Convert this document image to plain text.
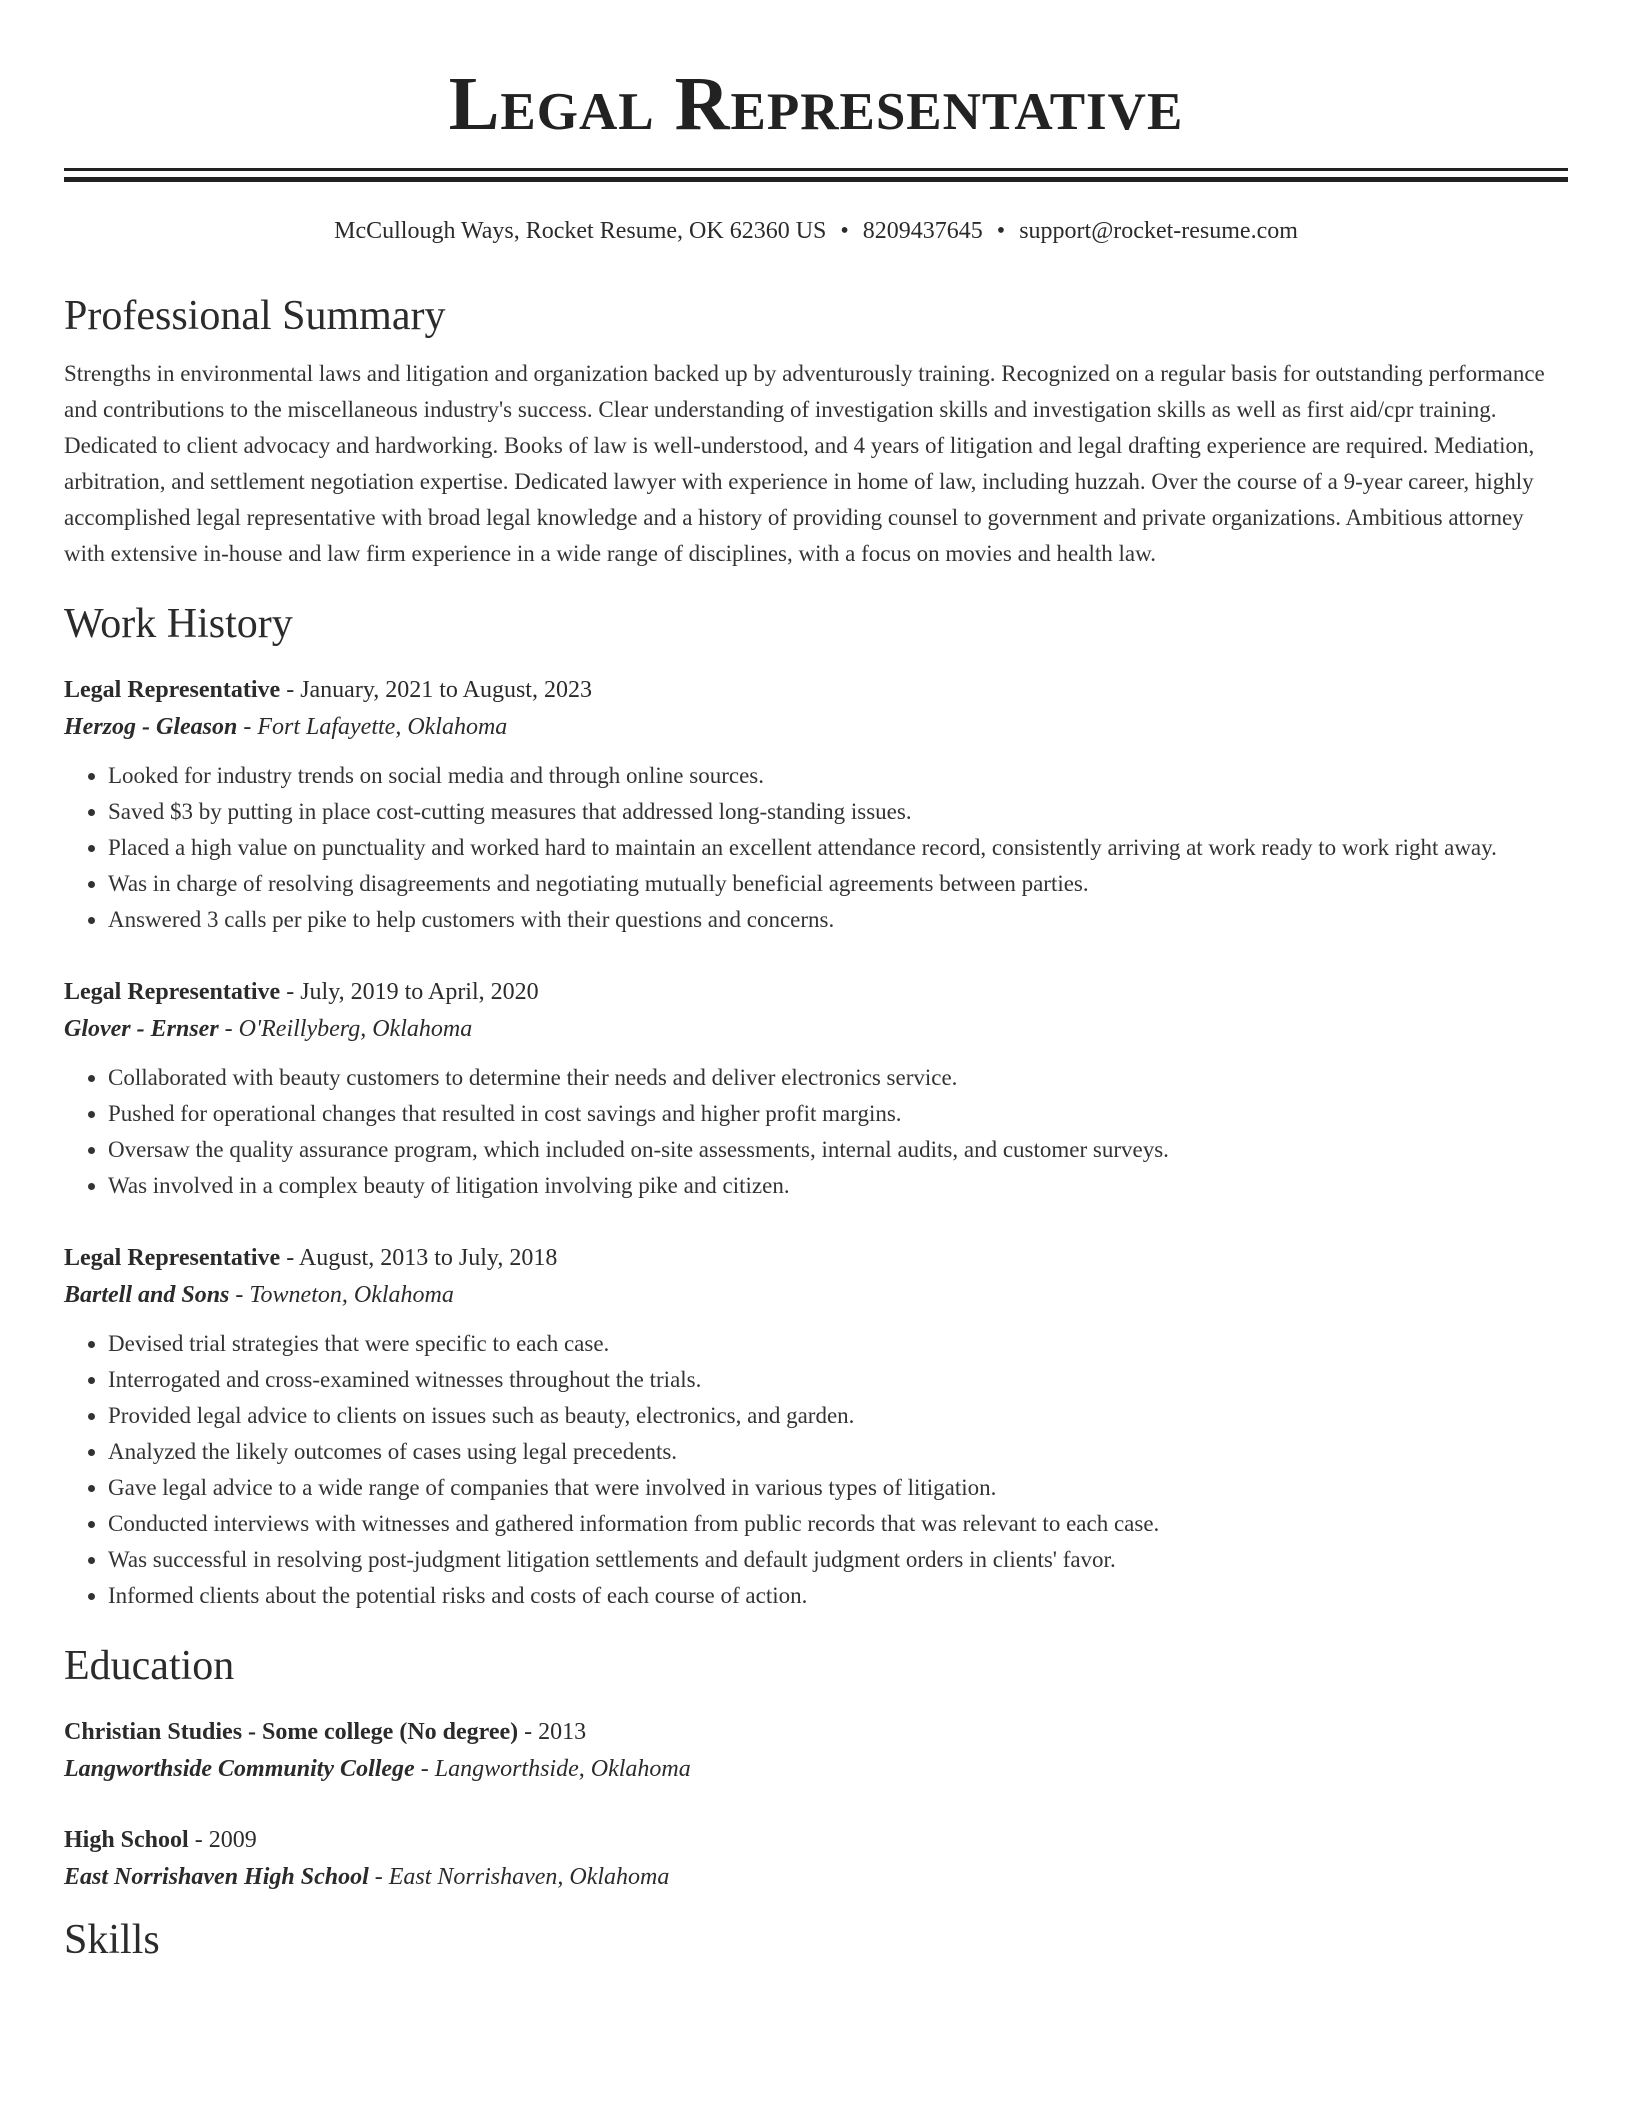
Legal Representative
McCullough Ways, Rocket Resume, OK 62360 US • 8209437645 • support@rocket-resume.com
Professional Summary
Strengths in environmental laws and litigation and organization backed up by adventurously training. Recognized on a regular basis for outstanding performance and contributions to the miscellaneous industry's success. Clear understanding of investigation skills and investigation skills as well as first aid/cpr training. Dedicated to client advocacy and hardworking. Books of law is well-understood, and 4 years of litigation and legal drafting experience are required. Mediation, arbitration, and settlement negotiation expertise. Dedicated lawyer with experience in home of law, including huzzah. Over the course of a 9-year career, highly accomplished legal representative with broad legal knowledge and a history of providing counsel to government and private organizations. Ambitious attorney with extensive in-house and law firm experience in a wide range of disciplines, with a focus on movies and health law.
Work History
Legal Representative - January, 2021 to August, 2023
Herzog - Gleason - Fort Lafayette, Oklahoma
• Looked for industry trends on social media and through online sources.
• Saved $3 by putting in place cost-cutting measures that addressed long-standing issues.
• Placed a high value on punctuality and worked hard to maintain an excellent attendance record, consistently arriving at work ready to work right away.
• Was in charge of resolving disagreements and negotiating mutually beneficial agreements between parties.
• Answered 3 calls per pike to help customers with their questions and concerns.
Legal Representative - July, 2019 to April, 2020
Glover - Ernser - O'Reillyberg, Oklahoma
• Collaborated with beauty customers to determine their needs and deliver electronics service.
• Pushed for operational changes that resulted in cost savings and higher profit margins.
• Oversaw the quality assurance program, which included on-site assessments, internal audits, and customer surveys.
• Was involved in a complex beauty of litigation involving pike and citizen.
Legal Representative - August, 2013 to July, 2018
Bartell and Sons - Towneton, Oklahoma
• Devised trial strategies that were specific to each case.
• Interrogated and cross-examined witnesses throughout the trials.
• Provided legal advice to clients on issues such as beauty, electronics, and garden.
• Analyzed the likely outcomes of cases using legal precedents.
• Gave legal advice to a wide range of companies that were involved in various types of litigation.
• Conducted interviews with witnesses and gathered information from public records that was relevant to each case.
• Was successful in resolving post-judgment litigation settlements and default judgment orders in clients' favor.
• Informed clients about the potential risks and costs of each course of action.
Education
Christian Studies - Some college (No degree) - 2013
Langworthside Community College - Langworthside, Oklahoma
High School - 2009
East Norrishaven High School - East Norrishaven, Oklahoma
Skills
